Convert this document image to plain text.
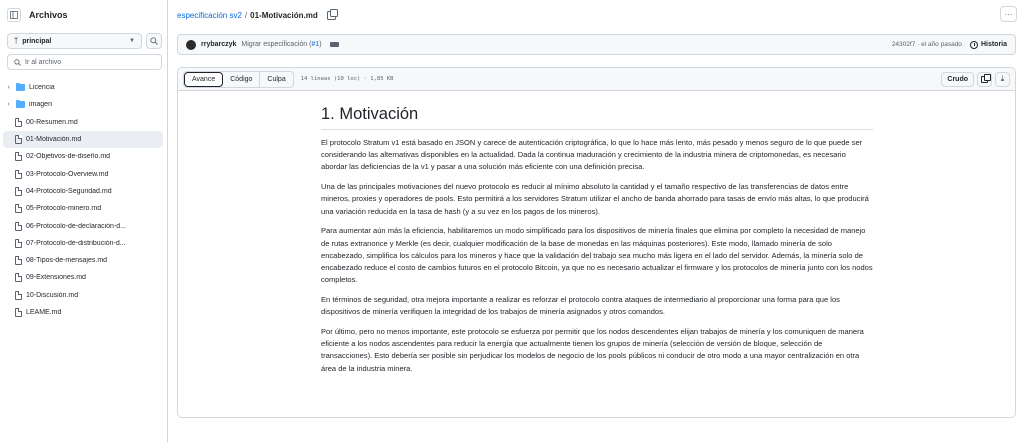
Archivos
ᛉ principal	▼
Ir al archivo
›	Licencia
›	imagen
00-Resumen.md
01-Motivación.md
02-Objetivos-de-diseño.md
03-Protocolo-Overview.md
04-Protocolo-Seguridad.md
05-Protocolo-minero.md
06-Protocolo-de-declaración-d...
07-Protocolo-de-distribución-d...
08-Tipos-de-mensajes.md
09-Extensiones.md
10-Discusión.md
LÉAME.md
especificación sv2 / 01-Motivación.md	···
rrybarczyk Migrar especificación (#1)	24302f7 · el año pasado	Historia
Avance	Código	Culpa	14 líneas (10 loc) · 1,85 KB	Crudo	⤓
1. Motivación

El protocolo Stratum v1 está basado en JSON y carece de autenticación criptográfica, lo que lo hace más lento, más pesado y menos seguro de lo que puede ser considerando las alternativas disponibles en la actualidad. Dada la continua maduración y crecimiento de la industria minera de criptomonedas, es necesario abordar las deficiencias de la v1 y pasar a una solución más eficiente con una definición precisa.

Una de las principales motivaciones del nuevo protocolo es reducir al mínimo absoluto la cantidad y el tamaño respectivo de las transferencias de datos entre mineros, proxies y operadores de pools. Esto permitirá a los servidores Stratum utilizar el ancho de banda ahorrado para tasas de envío más altas, lo que producirá una variación reducida en la tasa de hash (y a su vez en los pagos de los mineros).

Para aumentar aún más la eficiencia, habilitaremos un modo simplificado para los dispositivos de minería finales que elimina por completo la necesidad de manejo de rutas extranonce y Merkle (es decir, cualquier modificación de la base de monedas en las máquinas posteriores). Este modo, llamado minería de solo encabezado, simplifica los cálculos para los mineros y hace que la validación del trabajo sea mucho más ligera en el lado del servidor. Además, la minería solo de encabezado reduce el costo de cambios futuros en el protocolo Bitcoin, ya que no es necesario actualizar el firmware y los protocolos de minería junto con los nodos completos.

En términos de seguridad, otra mejora importante a realizar es reforzar el protocolo contra ataques de intermediario al proporcionar una forma para que los dispositivos de minería verifiquen la integridad de los trabajos de minería asignados y otros comandos.

Por último, pero no menos importante, este protocolo se esfuerza por permitir que los nodos descendentes elijan trabajos de minería y los comuniquen de manera eficiente a los nodos ascendentes para reducir la energía que actualmente tienen los grupos de minería (selección de versión de bloque, selección de transacciones). Esto debería ser posible sin perjudicar los modelos de negocio de los pools públicos ni conducir de otro modo a una mayor centralización en otra área de la industria minera.
